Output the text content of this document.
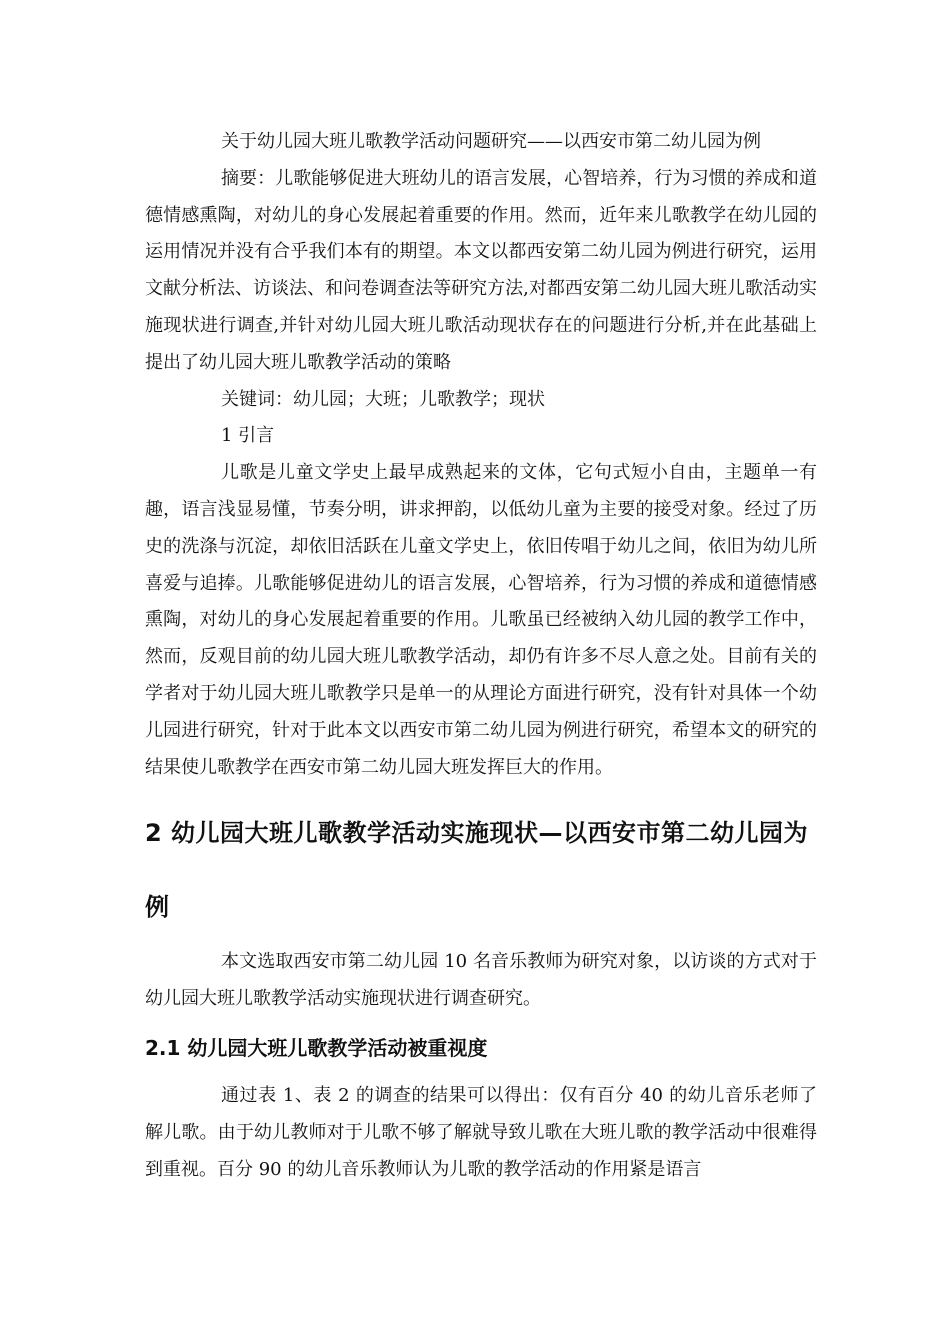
关于幼儿园大班儿歌教学活动问题研究——以西安市第二幼儿园为例

摘要：儿歌能够促进大班幼儿的语言发展，心智培养，行为习惯的养成和道德情感熏陶，对幼儿的身心发展起着重要的作用。然而，近年来儿歌教学在幼儿园的运用情况并没有合乎我们本有的期望。本文以都西安第二幼儿园为例进行研究，运用文献分析法、访谈法、和问卷调查法等研究方法,对都西安第二幼儿园大班儿歌活动实施现状进行调查,并针对幼儿园大班儿歌活动现状存在的问题进行分析,并在此基础上提出了幼儿园大班儿歌教学活动的策略

关键词：幼儿园；大班；儿歌教学；现状

1 引言

儿歌是儿童文学史上最早成熟起来的文体，它句式短小自由，主题单一有趣，语言浅显易懂，节奏分明，讲求押韵，以低幼儿童为主要的接受对象。经过了历史的洗涤与沉淀，却依旧活跃在儿童文学史上，依旧传唱于幼儿之间，依旧为幼儿所喜爱与追捧。儿歌能够促进幼儿的语言发展，心智培养，行为习惯的养成和道德情感熏陶，对幼儿的身心发展起着重要的作用。儿歌虽已经被纳入幼儿园的教学工作中，然而，反观目前的幼儿园大班儿歌教学活动，却仍有许多不尽人意之处。目前有关的学者对于幼儿园大班儿歌教学只是单一的从理论方面进行研究，没有针对具体一个幼儿园进行研究，针对于此本文以西安市第二幼儿园为例进行研究，希望本文的研究的结果使儿歌教学在西安市第二幼儿园大班发挥巨大的作用。

2 幼儿园大班儿歌教学活动实施现状—以西安市第二幼儿园为例

本文选取西安市第二幼儿园 10 名音乐教师为研究对象，以访谈的方式对于幼儿园大班儿歌教学活动实施现状进行调查研究。

2.1 幼儿园大班儿歌教学活动被重视度

通过表 1、表 2 的调查的结果可以得出：仅有百分 40 的幼儿音乐老师了解儿歌。由于幼儿教师对于儿歌不够了解就导致儿歌在大班儿歌的教学活动中很难得到重视。百分 90 的幼儿音乐教师认为儿歌的教学活动的作用紧是语言
